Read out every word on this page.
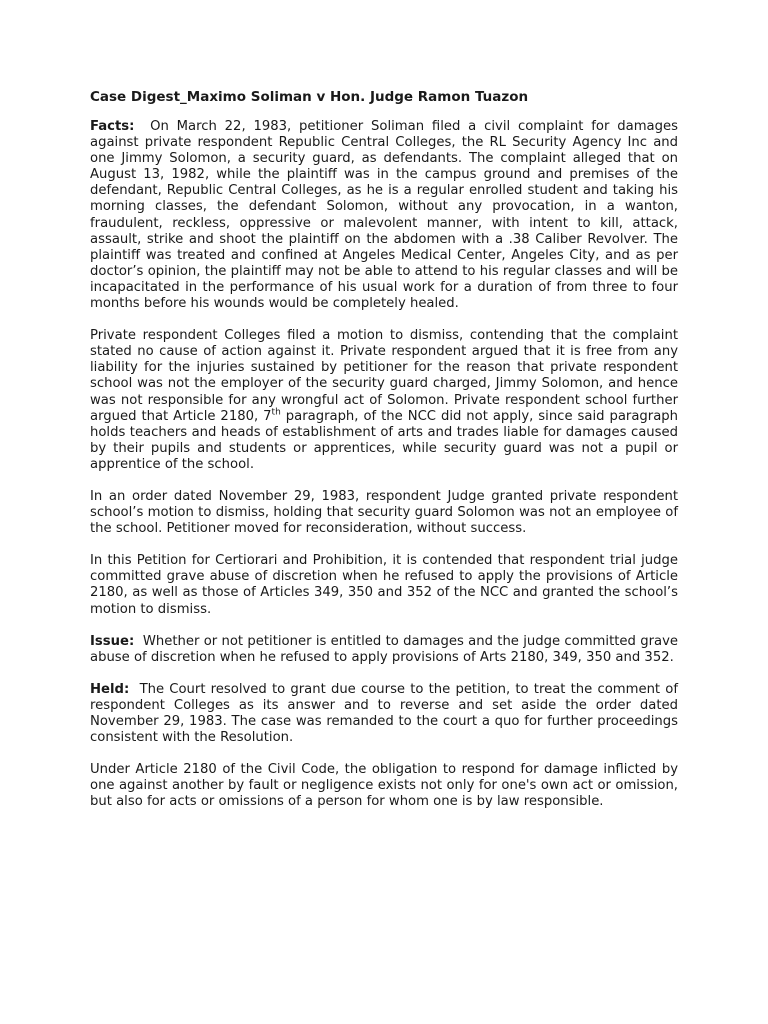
Case Digest_Maximo Soliman v Hon. Judge Ramon Tuazon

Facts: On March 22, 1983, petitioner Soliman filed a civil complaint for damages against private respondent Republic Central Colleges, the RL Security Agency Inc and one Jimmy Solomon, a security guard, as defendants. The complaint alleged that on August 13, 1982, while the plaintiff was in the campus ground and premises of the defendant, Republic Central Colleges, as he is a regular enrolled student and taking his morning classes, the defendant Solomon, without any provocation, in a wanton, fraudulent, reckless, oppressive or malevolent manner, with intent to kill, attack, assault, strike and shoot the plaintiff on the abdomen with a .38 Caliber Revolver. The plaintiff was treated and confined at Angeles Medical Center, Angeles City, and as per doctor’s opinion, the plaintiff may not be able to attend to his regular classes and will be incapacitated in the performance of his usual work for a duration of from three to four months before his wounds would be completely healed.

Private respondent Colleges filed a motion to dismiss, contending that the complaint stated no cause of action against it. Private respondent argued that it is free from any liability for the injuries sustained by petitioner for the reason that private respondent school was not the employer of the security guard charged, Jimmy Solomon, and hence was not responsible for any wrongful act of Solomon. Private respondent school further argued that Article 2180, 7th paragraph, of the NCC did not apply, since said paragraph holds teachers and heads of establishment of arts and trades liable for damages caused by their pupils and students or apprentices, while security guard was not a pupil or apprentice of the school.

In an order dated November 29, 1983, respondent Judge granted private respondent school’s motion to dismiss, holding that security guard Solomon was not an employee of the school. Petitioner moved for reconsideration, without success.

In this Petition for Certiorari and Prohibition, it is contended that respondent trial judge committed grave abuse of discretion when he refused to apply the provisions of Article 2180, as well as those of Articles 349, 350 and 352 of the NCC and granted the school’s motion to dismiss.

Issue: Whether or not petitioner is entitled to damages and the judge committed grave abuse of discretion when he refused to apply provisions of Arts 2180, 349, 350 and 352.

Held: The Court resolved to grant due course to the petition, to treat the comment of respondent Colleges as its answer and to reverse and set aside the order dated November 29, 1983. The case was remanded to the court a quo for further proceedings consistent with the Resolution.

Under Article 2180 of the Civil Code, the obligation to respond for damage inflicted by one against another by fault or negligence exists not only for one's own act or omission, but also for acts or omissions of a person for whom one is by law responsible.
